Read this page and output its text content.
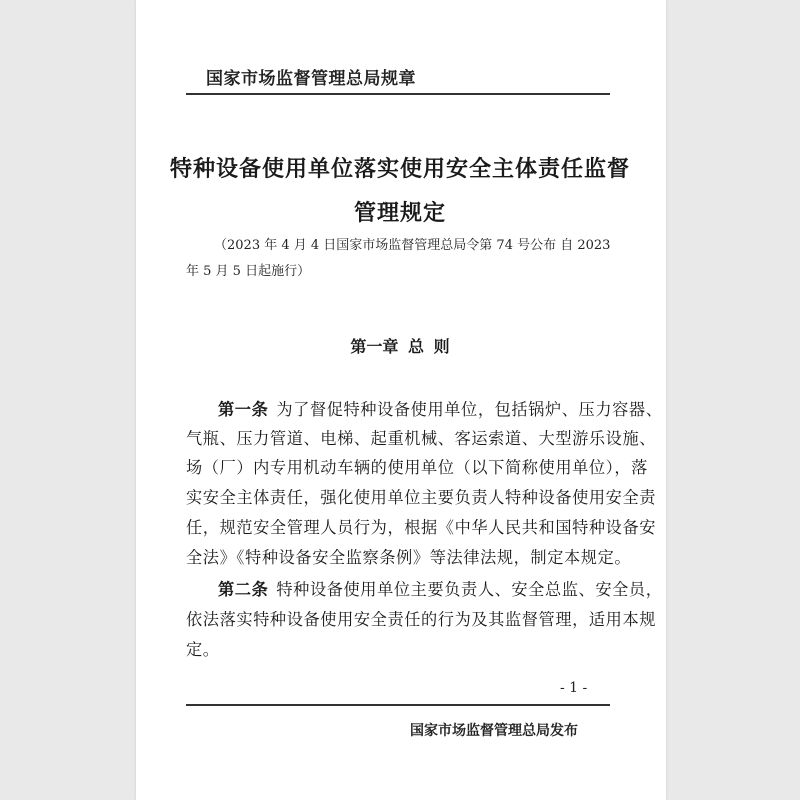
国家市场监督管理总局规章
特种设备使用单位落实使用安全主体责任监督
管理规定
（2023 年 4 月 4 日国家市场监督管理总局令第 74 号公布 自 2023
年 5 月 5 日起施行）
第一章 总 则
第一条 为了督促特种设备使用单位，包括锅炉、压力容器、
气瓶、压力管道、电梯、起重机械、客运索道、大型游乐设施、
场（厂）内专用机动车辆的使用单位（以下简称使用单位），落
实安全主体责任，强化使用单位主要负责人特种设备使用安全责
任，规范安全管理人员行为，根据《中华人民共和国特种设备安
全法》《特种设备安全监察条例》等法律法规，制定本规定。
第二条 特种设备使用单位主要负责人、安全总监、安全员，
依法落实特种设备使用安全责任的行为及其监督管理，适用本规
定。
- 1 -
国家市场监督管理总局发布
